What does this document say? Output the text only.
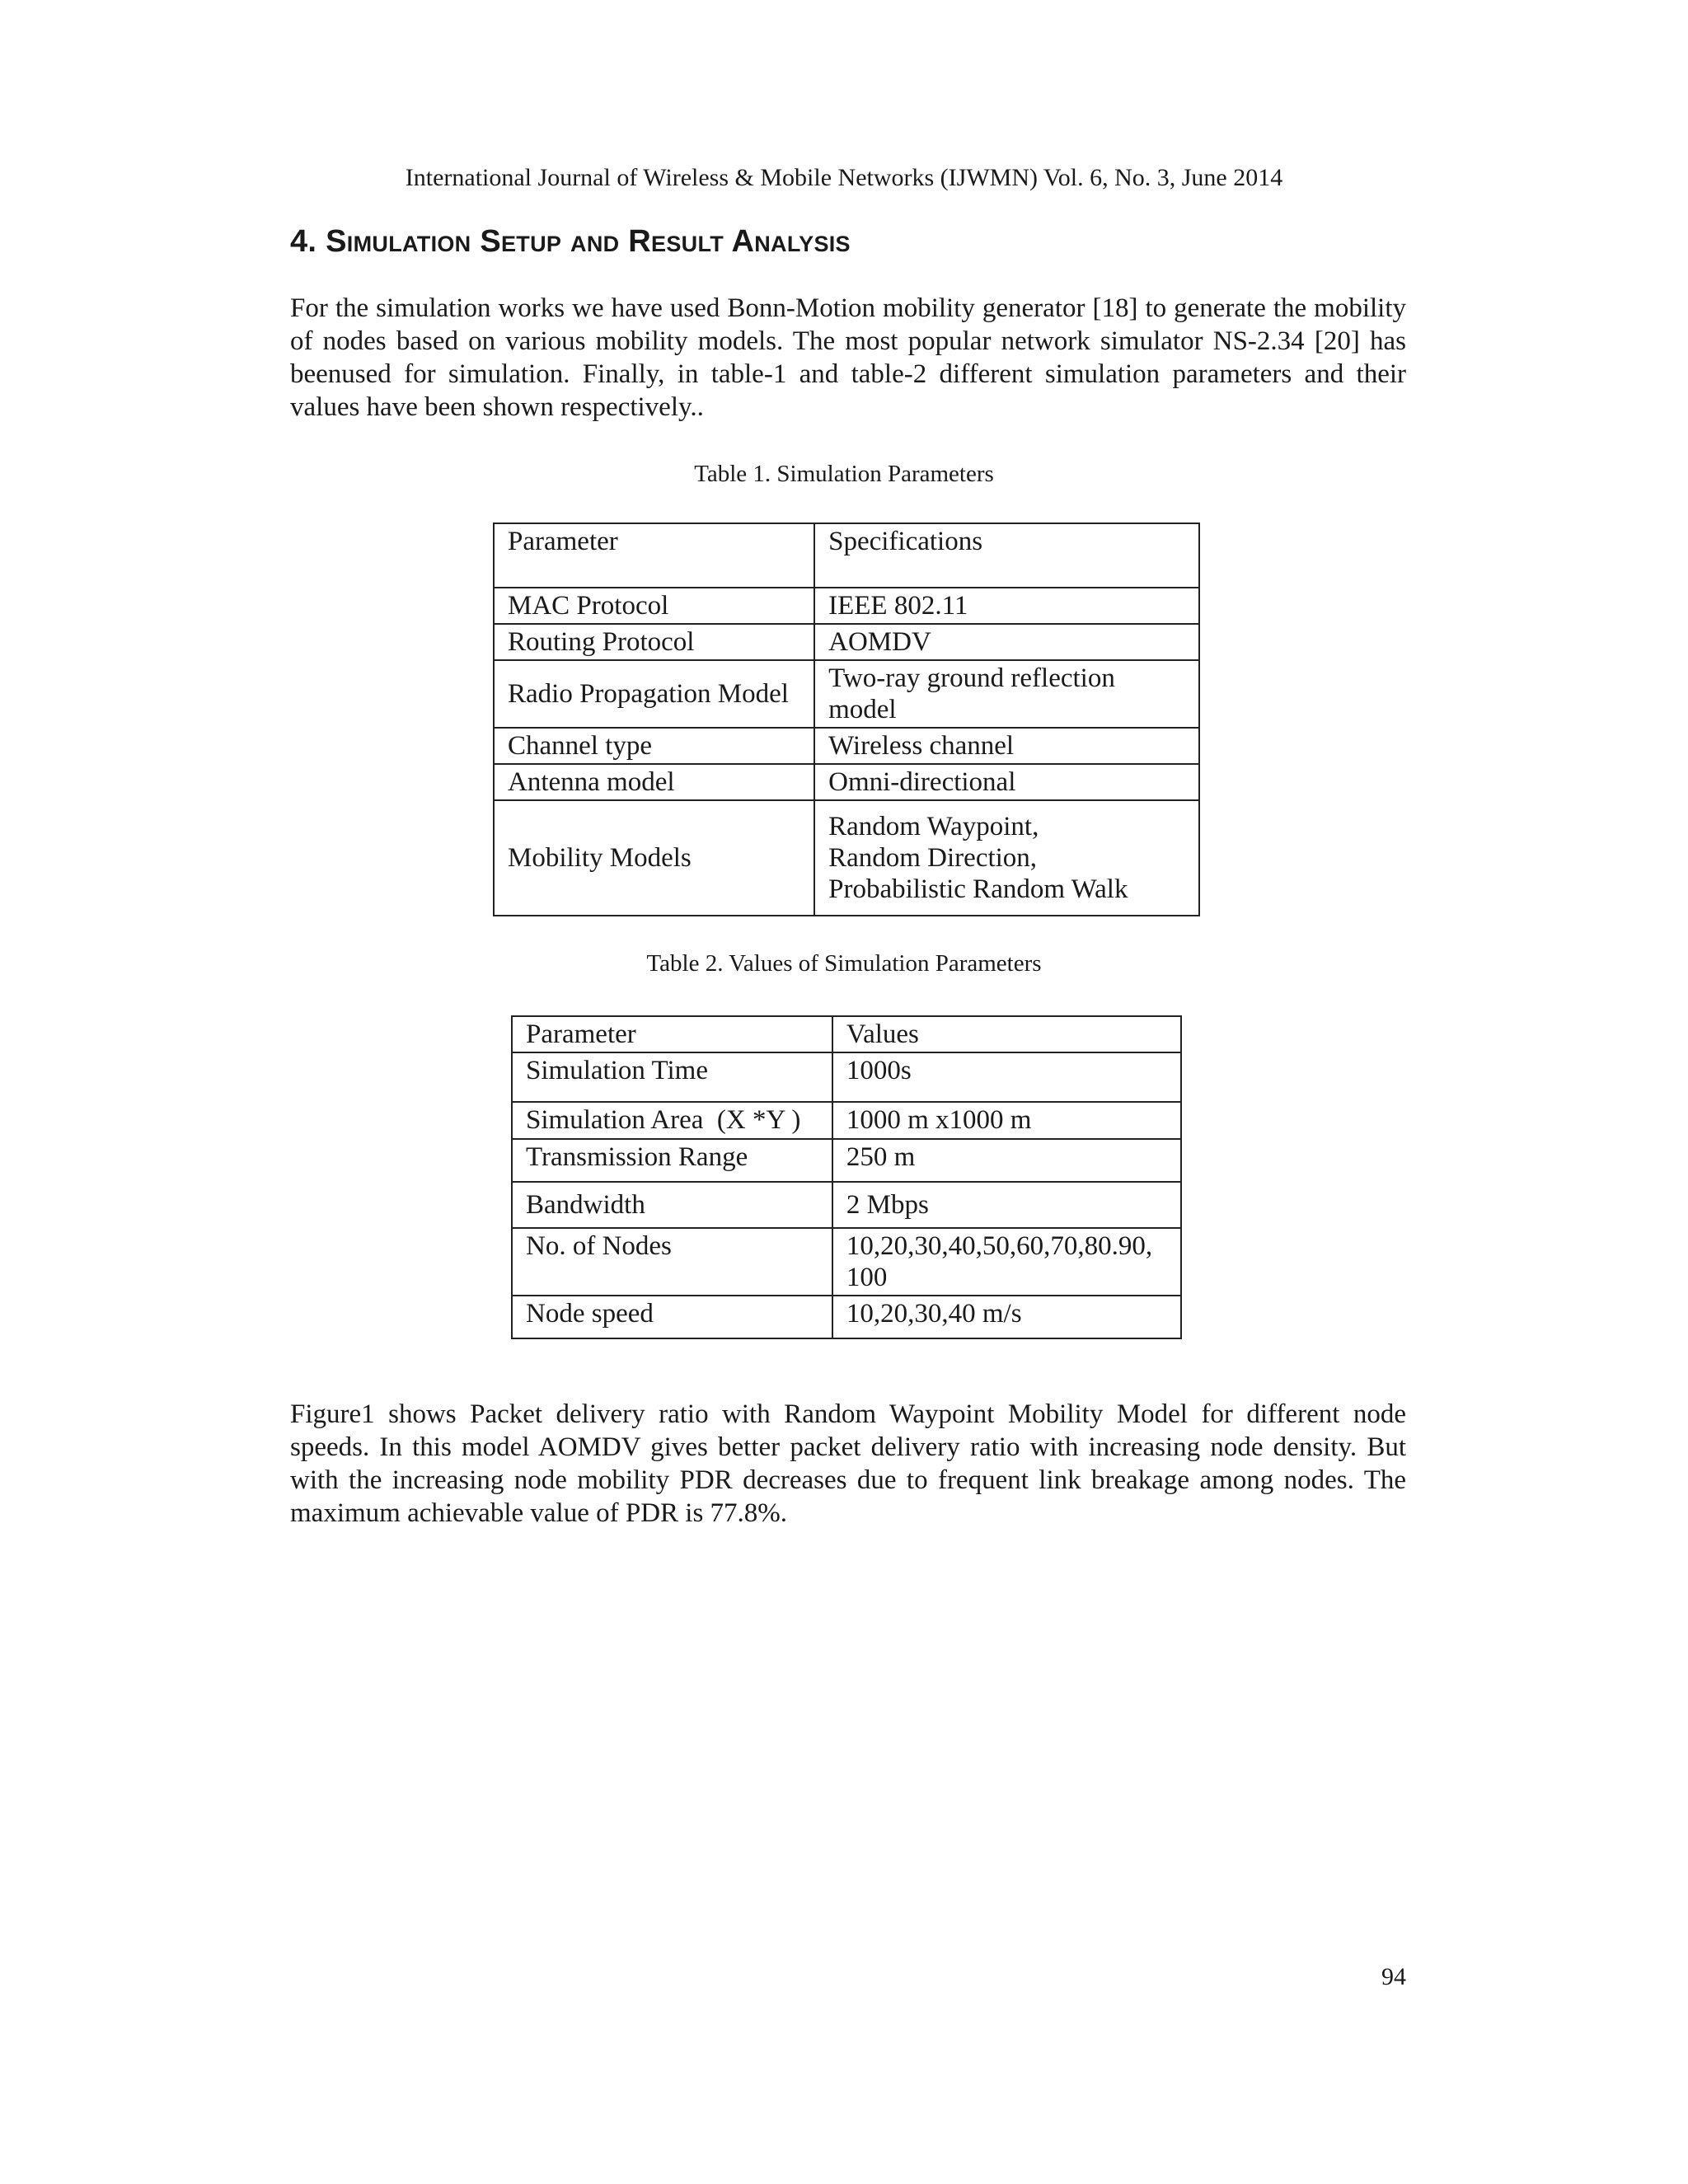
International Journal of Wireless & Mobile Networks (IJWMN) Vol. 6, No. 3, June 2014
4. Simulation Setup and Result Analysis

For the simulation works we have used Bonn-Motion mobility generator [18] to generate the mobility of nodes based on various mobility models. The most popular network simulator NS-2.34 [20] has beenused for simulation. Finally, in table-1 and table-2 different simulation parameters and their values have been shown respectively..

Table 1. Simulation Parameters
Parameter	Specifications
MAC Protocol	IEEE 802.11
Routing Protocol	AOMDV
Radio Propagation Model	Two-ray ground reflection model
Channel type	Wireless channel
Antenna model	Omni-directional
Mobility Models	Random Waypoint,
Random Direction,
Probabilistic Random Walk
Table 2. Values of Simulation Parameters
Parameter	Values
Simulation Time	1000s
Simulation Area  (X *Y )	1000 m x1000 m
Transmission Range	250 m
Bandwidth	2 Mbps
No. of Nodes	10,20,30,40,50,60,70,80.90, 100
Node speed	10,20,30,40 m/s

Figure1 shows Packet delivery ratio with Random Waypoint Mobility Model for different node speeds. In this model AOMDV gives better packet delivery ratio with increasing node density. But with the increasing node mobility PDR decreases due to frequent link breakage among nodes. The maximum achievable value of PDR is 77.8%.

94
